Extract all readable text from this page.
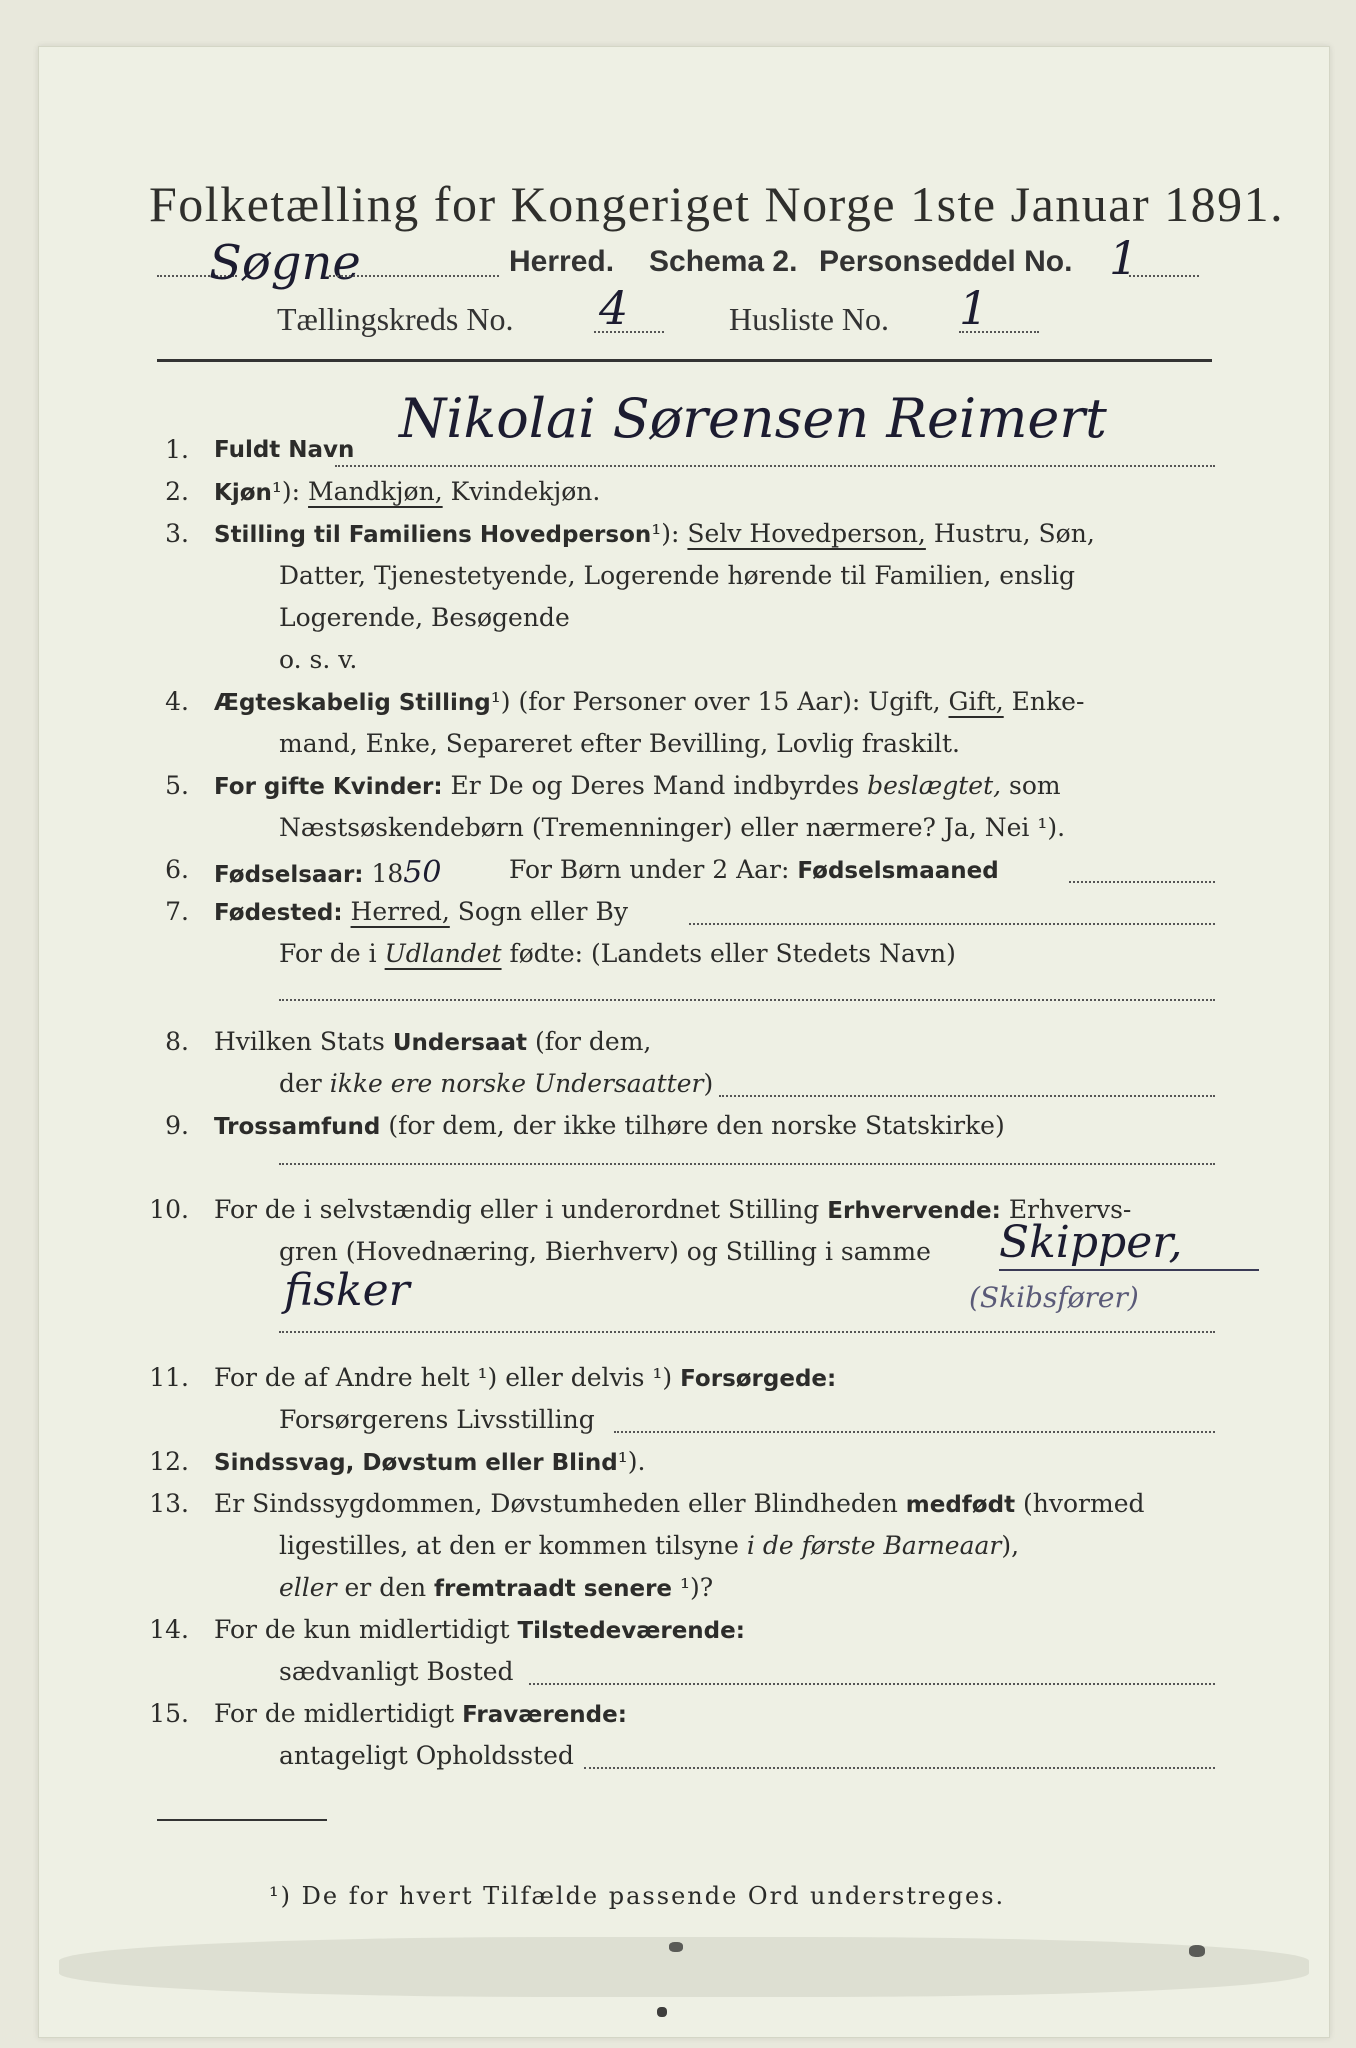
Folketælling for Kongeriget Norge 1ste Januar 1891.
Søgne	Herred. Schema 2. Personseddel No. 1
Tællingskreds No. 4	Husliste No. 1
1. Fuldt Navn Nikolai Sørensen Reimert
2. Kjøn¹): Mandkjøn, Kvindekjøn.
3. Stilling til Familiens Hovedperson¹): Selv Hovedperson, Hustru, Søn,
Datter, Tjenestetyende, Logerende hørende til Familien, enslig
Logerende, Besøgende
o. s. v.
4. Ægteskabelig Stilling¹) (for Personer over 15 Aar): Ugift, Gift, Enke-
mand, Enke, Separeret efter Bevilling, Lovlig fraskilt.
5. For gifte Kvinder: Er De og Deres Mand indbyrdes beslægtet, som
Næstsøskendebørn (Tremenninger) eller nærmere? Ja, Nei ¹).
6. Fødselsaar: 1850	For Børn under 2 Aar: Fødselsmaaned
7. Fødested: Herred, Sogn eller By
For de i Udlandet fødte: (Landets eller Stedets Navn)
8. Hvilken Stats Undersaat (for dem,
der ikke ere norske Undersaatter)
9. Trossamfund (for dem, der ikke tilhøre den norske Statskirke)
10. For de i selvstændig eller i underordnet Stilling Erhvervende: Erhvervs-
gren (Hovednæring, Bierhverv) og Stilling i samme Skipper,
fisker	(Skibsfører)
11. For de af Andre helt ¹) eller delvis ¹) Forsørgede:
Forsørgerens Livsstilling
12. Sindssvag, Døvstum eller Blind¹).
13. Er Sindssygdommen, Døvstumheden eller Blindheden medfødt (hvormed
ligestilles, at den er kommen tilsyne i de første Barneaar),
eller er den fremtraadt senere ¹)?
14. For de kun midlertidigt Tilstedeværende:
sædvanligt Bosted
15. For de midlertidigt Fraværende:
antageligt Opholdssted
¹) De for hvert Tilfælde passende Ord understreges.
